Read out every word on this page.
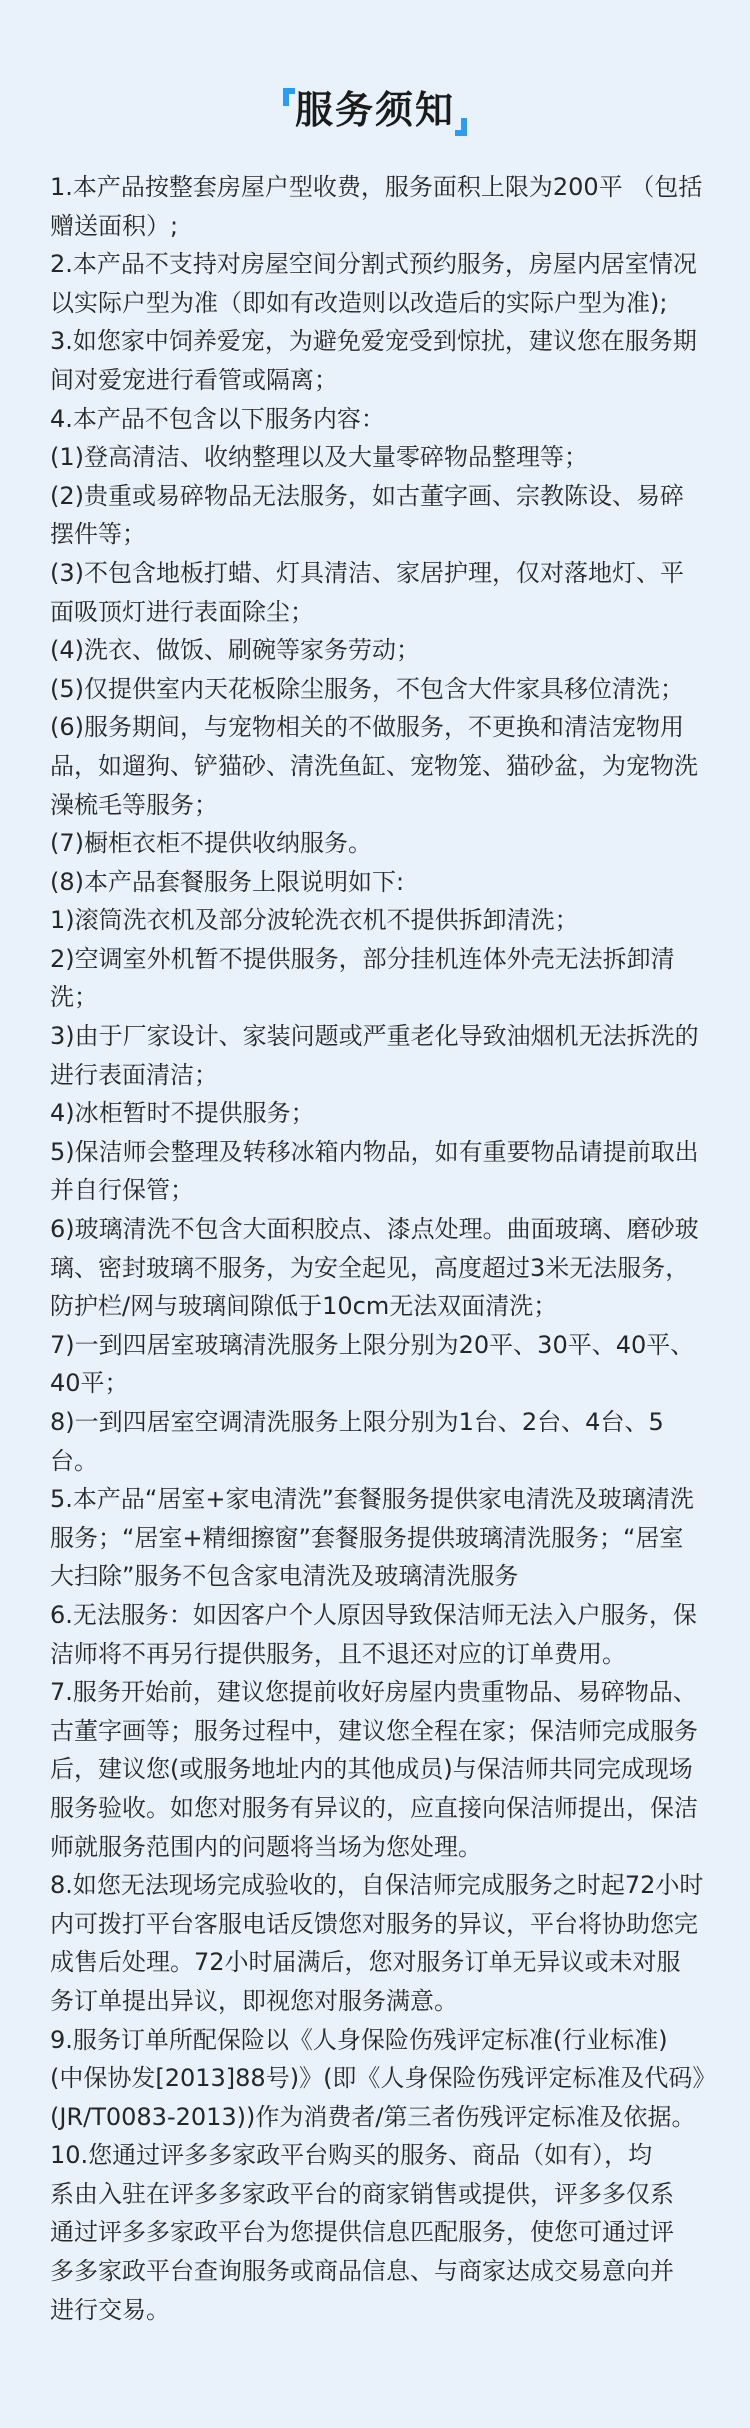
服务须知
1.本产品按整套房屋户型收费，服务面积上限为200平 （包括
赠送面积）;
2.本产品不支持对房屋空间分割式预约服务，房屋内居室情况
以实际户型为准（即如有改造则以改造后的实际户型为准);
3.如您家中饲养爱宠，为避免爱宠受到惊扰，建议您在服务期
间对爱宠进行看管或隔离；
4.本产品不包含以下服务内容：
(1)登高清洁、收纳整理以及大量零碎物品整理等；
(2)贵重或易碎物品无法服务，如古董字画、宗教陈设、易碎
摆件等；
(3)不包含地板打蜡、灯具清洁、家居护理，仅对落地灯、平
面吸顶灯进行表面除尘；
(4)洗衣、做饭、刷碗等家务劳动；
(5)仅提供室内天花板除尘服务，不包含大件家具移位清洗；
(6)服务期间，与宠物相关的不做服务，不更换和清洁宠物用
品，如遛狗、铲猫砂、清洗鱼缸、宠物笼、猫砂盆，为宠物洗
澡梳毛等服务；
(7)橱柜衣柜不提供收纳服务。
(8)本产品套餐服务上限说明如下:
1)滚筒洗衣机及部分波轮洗衣机不提供拆卸清洗；
2)空调室外机暂不提供服务，部分挂机连体外壳无法拆卸清
洗；
3)由于厂家设计、家装问题或严重老化导致油烟机无法拆洗的
进行表面清洁；
4)冰柜暂时不提供服务；
5)保洁师会整理及转移冰箱内物品，如有重要物品请提前取出
并自行保管；
6)玻璃清洗不包含大面积胶点、漆点处理。曲面玻璃、磨砂玻
璃、密封玻璃不服务，为安全起见，高度超过3米无法服务，
防护栏/网与玻璃间隙低于10cm无法双面清洗；
7)一到四居室玻璃清洗服务上限分别为20平、30平、40平、
40平；
8)一到四居室空调清洗服务上限分别为1台、2台、4台、5
台。
5.本产品“居室+家电清洗”套餐服务提供家电清洗及玻璃清洗
服务；“居室+精细擦窗”套餐服务提供玻璃清洗服务；“居室
大扫除”服务不包含家电清洗及玻璃清洗服务
6.无法服务：如因客户个人原因导致保洁师无法入户服务，保
洁师将不再另行提供服务，且不退还对应的订单费用。
7.服务开始前，建议您提前收好房屋内贵重物品、易碎物品、
古董字画等；服务过程中，建议您全程在家；保洁师完成服务
后，建议您(或服务地址内的其他成员)与保洁师共同完成现场
服务验收。如您对服务有异议的，应直接向保洁师提出，保洁
师就服务范围内的问题将当场为您处理。
8.如您无法现场完成验收的，自保洁师完成服务之时起72小时
内可拨打平台客服电话反馈您对服务的异议，平台将协助您完
成售后处理。72小时届满后，您对服务订单无异议或未对服
务订单提出异议，即视您对服务满意。
9.服务订单所配保险以《人身保险伤残评定标准(行业标准)
(中保协发[2013]88号)》(即《人身保险伤残评定标准及代码》
(JR/T0083-2013))作为消费者/第三者伤残评定标准及依据。
10.您通过评多多家政平台购买的服务、商品（如有），均
系由入驻在评多多家政平台的商家销售或提供，评多多仅系
通过评多多家政平台为您提供信息匹配服务，使您可通过评
多多家政平台查询服务或商品信息、与商家达成交易意向并
进行交易。
